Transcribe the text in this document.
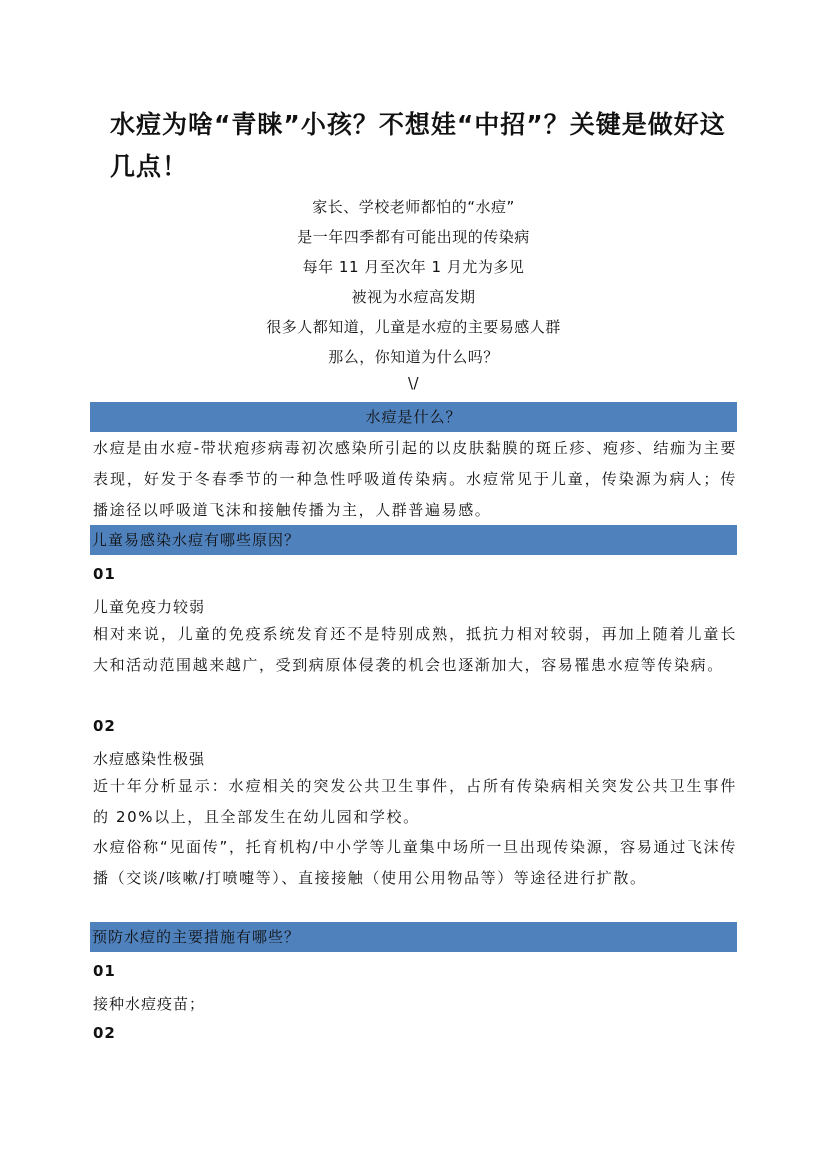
水痘为啥“青睐”小孩？不想娃“中招”？关键是做好这几点！
家长、学校老师都怕的“水痘”
是一年四季都有可能出现的传染病
每年 11 月至次年 1 月尤为多见
被视为水痘高发期
很多人都知道，儿童是水痘的主要易感人群
那么，你知道为什么吗？
\/
水痘是什么？
水痘是由水痘-带状疱疹病毒初次感染所引起的以皮肤黏膜的斑丘疹、疱疹、结痂为主要表现，好发于冬春季节的一种急性呼吸道传染病。水痘常见于儿童，传染源为病人；传播途径以呼吸道飞沫和接触传播为主，人群普遍易感。
儿童易感染水痘有哪些原因？
01
儿童免疫力较弱
相对来说，儿童的免疫系统发育还不是特别成熟，抵抗力相对较弱，再加上随着儿童长大和活动范围越来越广，受到病原体侵袭的机会也逐渐加大，容易罹患水痘等传染病。
02
水痘感染性极强
近十年分析显示：水痘相关的突发公共卫生事件，占所有传染病相关突发公共卫生事件的 20%以上，且全部发生在幼儿园和学校。
水痘俗称“见面传”，托育机构/中小学等儿童集中场所一旦出现传染源，容易通过飞沫传播（交谈/咳嗽/打喷嚏等）、直接接触（使用公用物品等）等途径进行扩散。
预防水痘的主要措施有哪些？
01
接种水痘疫苗；
02
